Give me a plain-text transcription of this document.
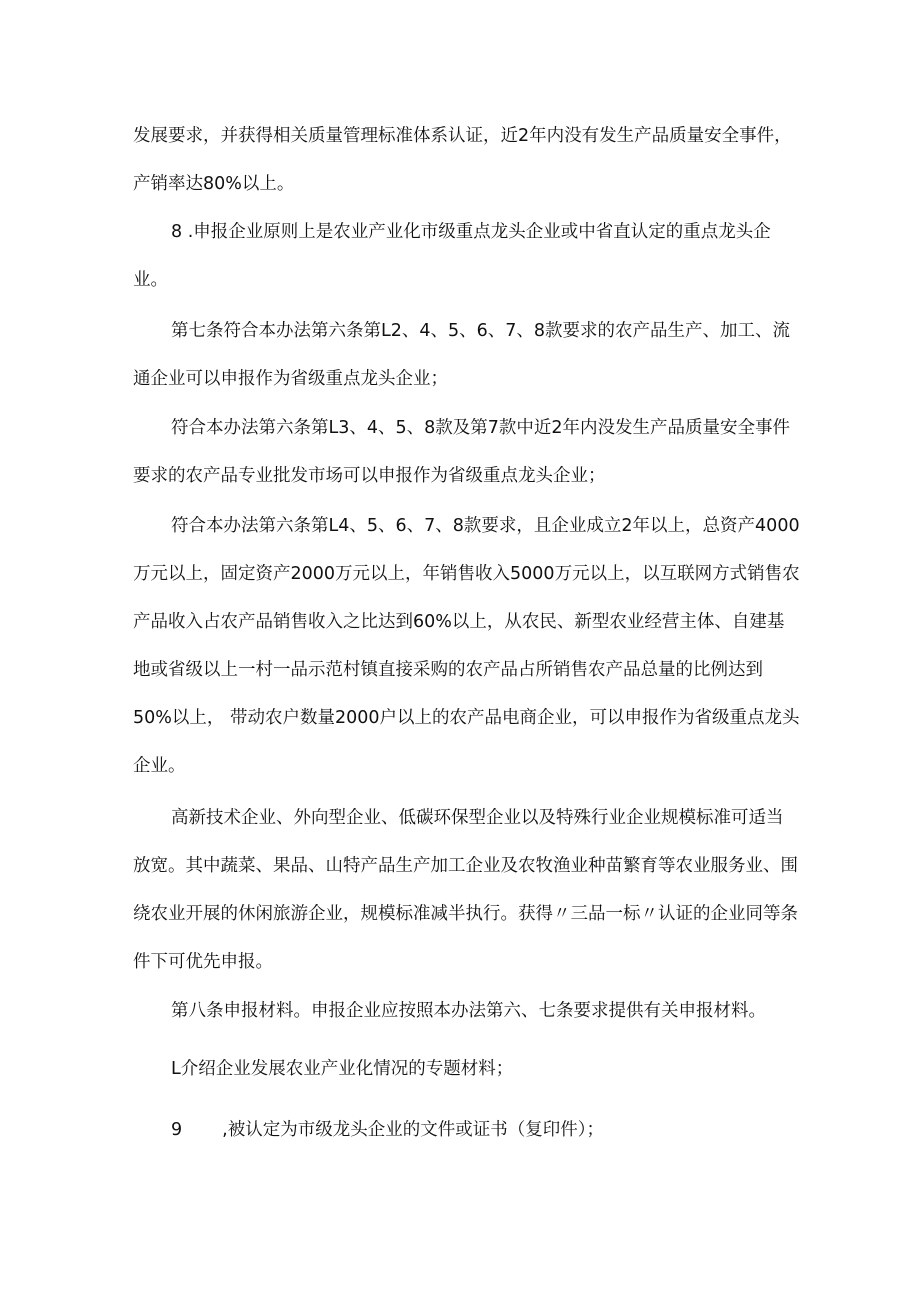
发展要求，并获得相关质量管理标准体系认证，近2年内没有发生产品质量安全事件，
产销率达80%以上。

8 .申报企业原则上是农业产业化市级重点龙头企业或中省直认定的重点龙头企
业。

第七条符合本办法第六条第L2、4、5、6、7、8款要求的农产品生产、加工、流
通企业可以申报作为省级重点龙头企业；

符合本办法第六条第L3、4、5、8款及第7款中近2年内没发生产品质量安全事件
要求的农产品专业批发市场可以申报作为省级重点龙头企业；

符合本办法第六条第L4、5、6、7、8款要求，且企业成立2年以上，总资产4000
万元以上，固定资产2000万元以上，年销售收入5000万元以上，以互联网方式销售农
产品收入占农产品销售收入之比达到60%以上，从农民、新型农业经营主体、自建基
地或省级以上一村一品示范村镇直接采购的农产品占所销售农产品总量的比例达到
50%以上， 带动农户数量2000户以上的农产品电商企业，可以申报作为省级重点龙头
企业。

高新技术企业、外向型企业、低碳环保型企业以及特殊行业企业规模标准可适当
放宽。其中蔬菜、果品、山特产品生产加工企业及农牧渔业种苗繁育等农业服务业、围
绕农业开展的休闲旅游企业，规模标准减半执行。获得〃三品一标〃认证的企业同等条
件下可优先申报。

第八条申报材料。申报企业应按照本办法第六、七条要求提供有关申报材料。

L介绍企业发展农业产业化情况的专题材料；

9 ,被认定为市级龙头企业的文件或证书（复印件）；
